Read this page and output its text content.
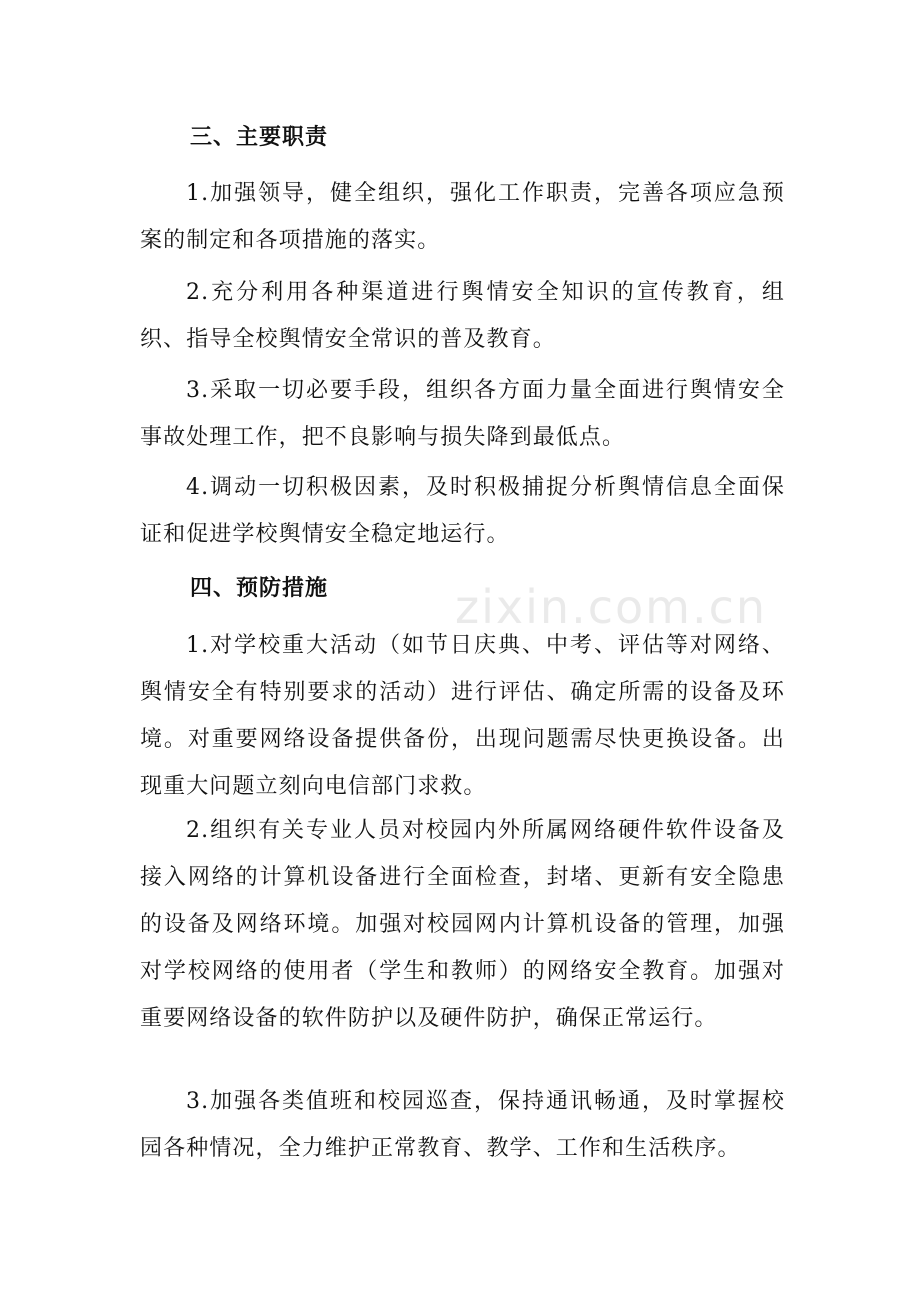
三、主要职责

1.加强领导，健全组织，强化工作职责，完善各项应急预案的制定和各项措施的落实。

2.充分利用各种渠道进行舆情安全知识的宣传教育，组织、指导全校舆情安全常识的普及教育。

3.采取一切必要手段，组织各方面力量全面进行舆情安全事故处理工作，把不良影响与损失降到最低点。

4.调动一切积极因素，及时积极捕捉分析舆情信息全面保证和促进学校舆情安全稳定地运行。

四、预防措施

1.对学校重大活动（如节日庆典、中考、评估等对网络、舆情安全有特别要求的活动）进行评估、确定所需的设备及环境。对重要网络设备提供备份，出现问题需尽快更换设备。出现重大问题立刻向电信部门求救。

2.组织有关专业人员对校园内外所属网络硬件软件设备及接入网络的计算机设备进行全面检查，封堵、更新有安全隐患的设备及网络环境。加强对校园网内计算机设备的管理，加强对学校网络的使用者（学生和教师）的网络安全教育。加强对重要网络设备的软件防护以及硬件防护，确保正常运行。

3.加强各类值班和校园巡查，保持通讯畅通，及时掌握校园各种情况，全力维护正常教育、教学、工作和生活秩序。

zixin.com.cn
